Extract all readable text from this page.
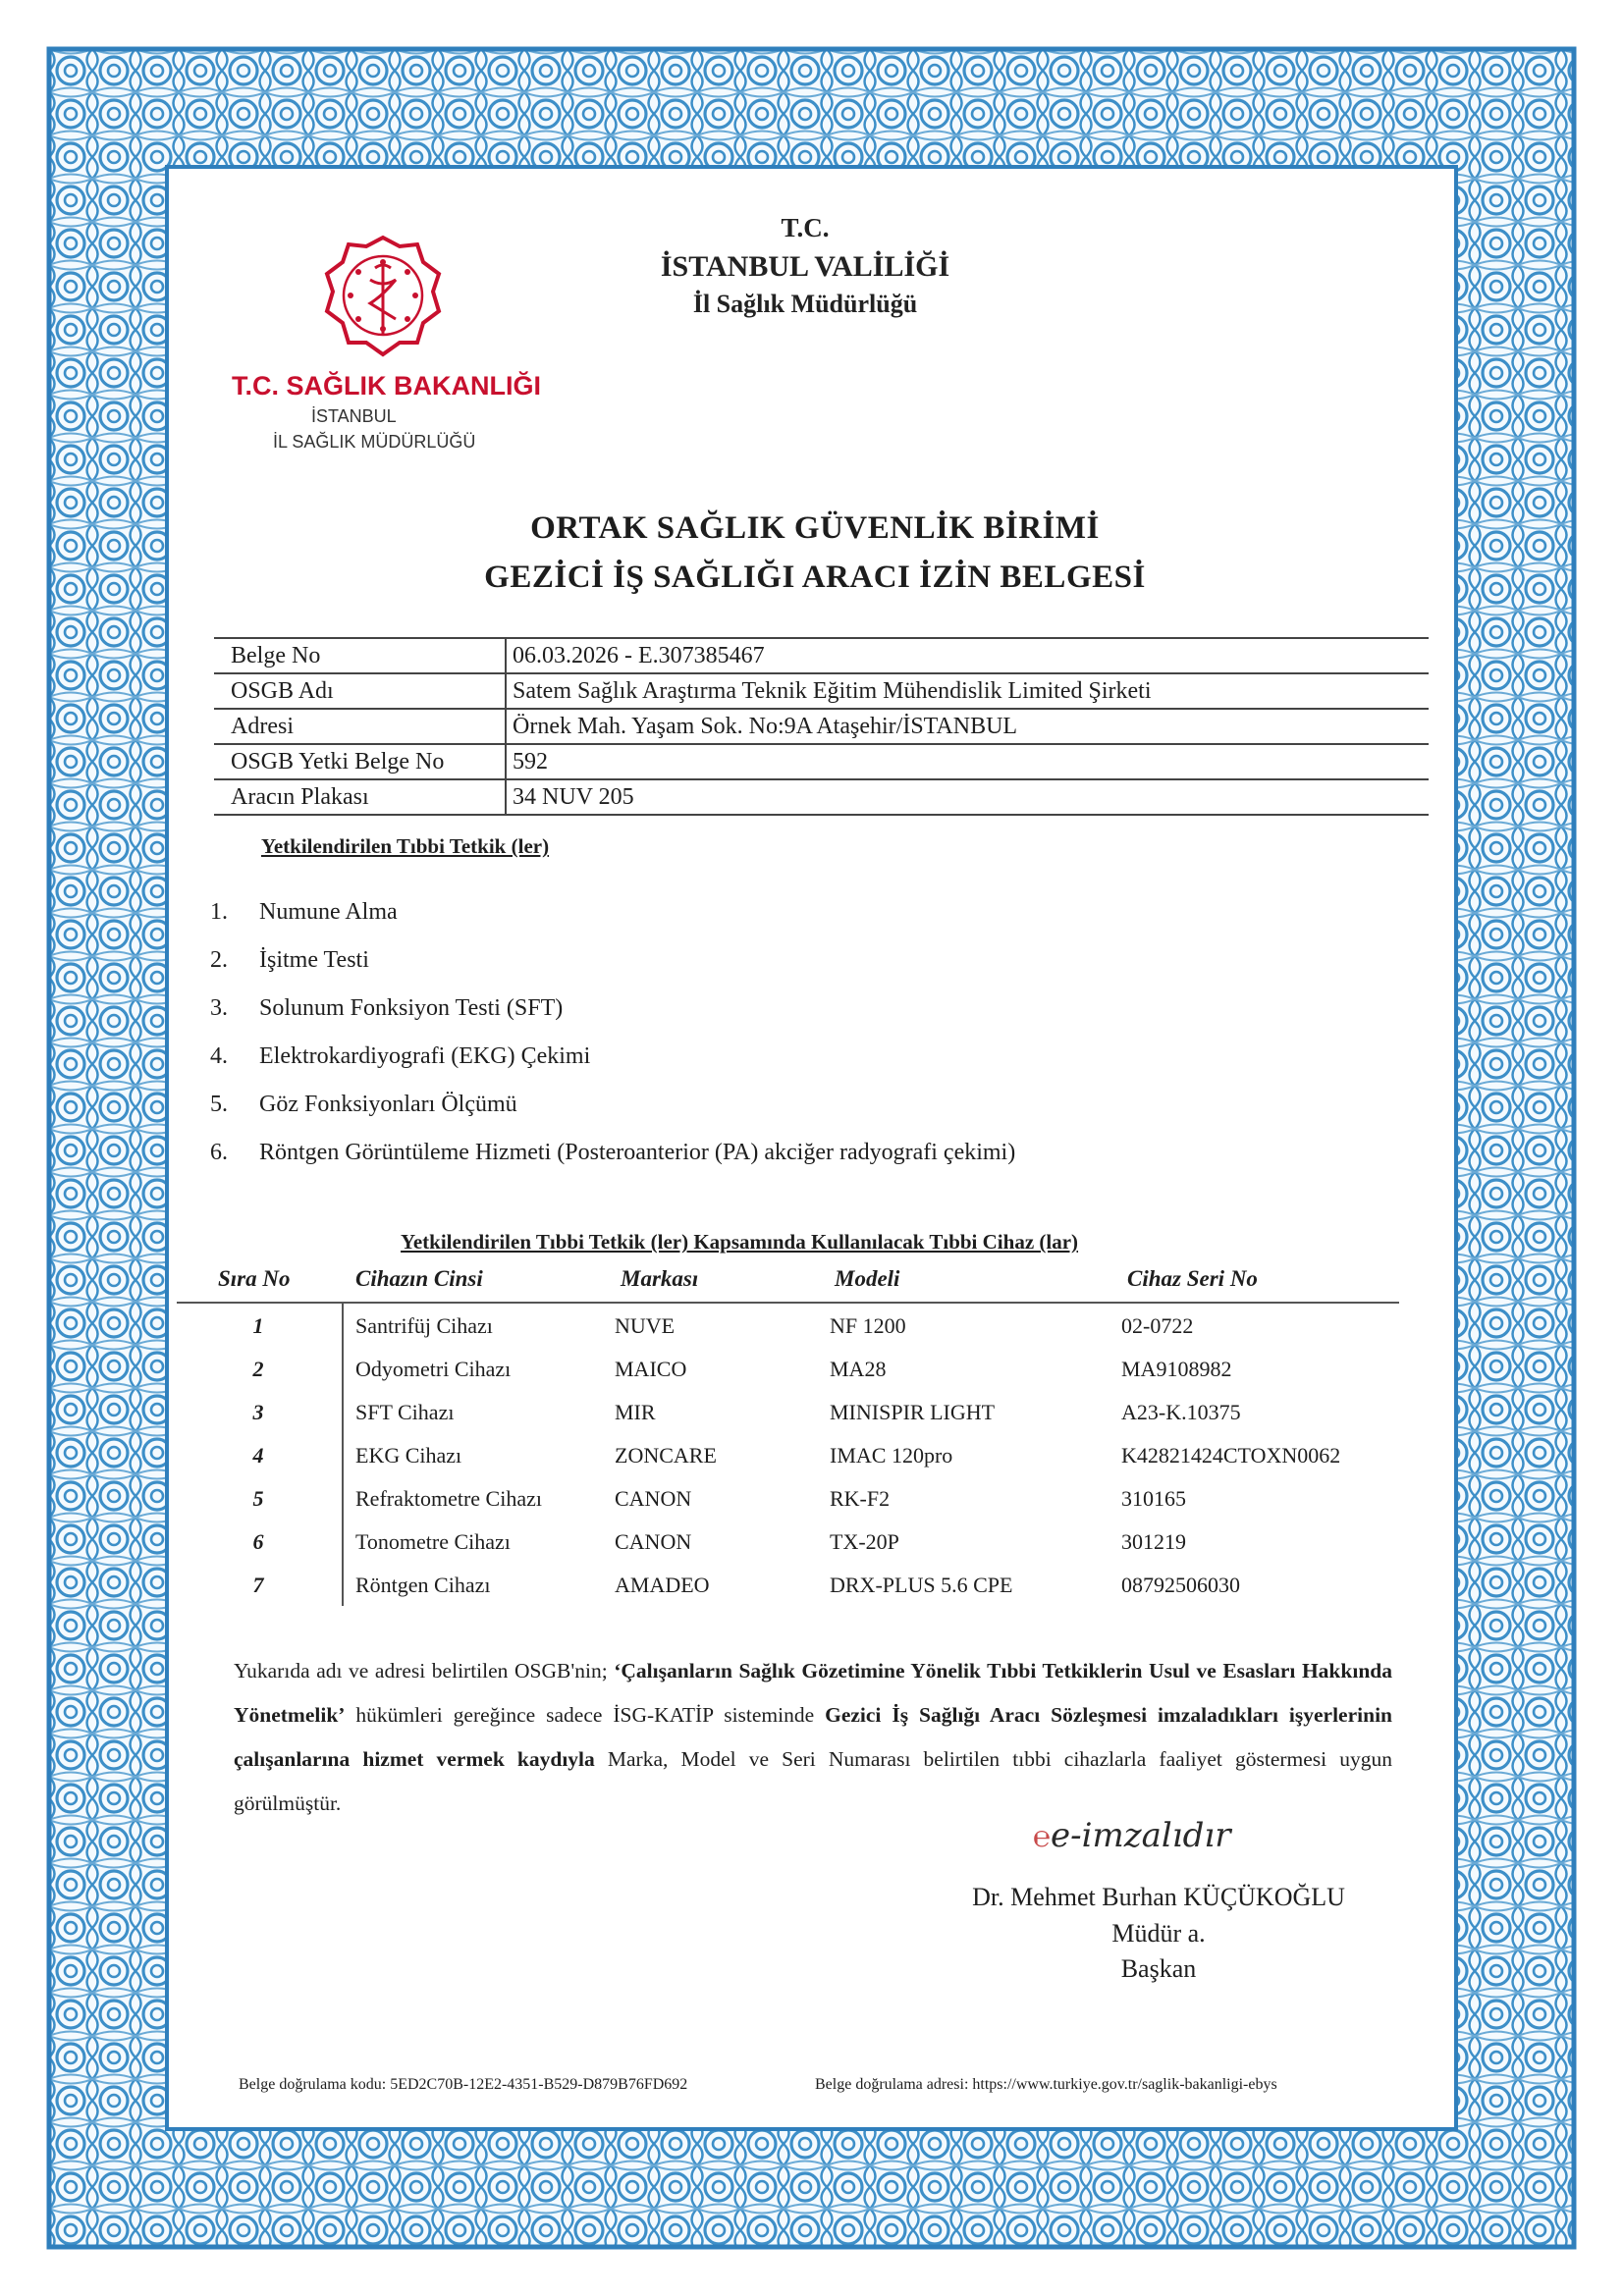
T.C. SAĞLIK BAKANLIĞI
İSTANBUL
İL SAĞLIK MÜDÜRLÜĞÜ
T.C.
İSTANBUL VALİLİĞİ
İl Sağlık Müdürlüğü
ORTAK SAĞLIK GÜVENLİK BİRİMİ
GEZİCİ İŞ SAĞLIĞI ARACI İZİN BELGESİ
Belge No	06.03.2026 - E.307385467
OSGB Adı	Satem Sağlık Araştırma Teknik Eğitim Mühendislik Limited Şirketi
Adresi	Örnek Mah. Yaşam Sok. No:9A Ataşehir/İSTANBUL
OSGB Yetki Belge No	592
Aracın Plakası	34 NUV 205
Yetkilendirilen Tıbbi Tetkik (ler)
1. Numune Alma
2. İşitme Testi
3. Solunum Fonksiyon Testi (SFT)
4. Elektrokardiyografi (EKG) Çekimi
5. Göz Fonksiyonları Ölçümü
6. Röntgen Görüntüleme Hizmeti (Posteroanterior (PA) akciğer radyografi çekimi)
Yetkilendirilen Tıbbi Tetkik (ler) Kapsamında Kullanılacak Tıbbi Cihaz (lar)
Sıra No	Cihazın Cinsi	Markası	Modeli	Cihaz Seri No
1	Santrifüj Cihazı	NUVE	NF 1200	02-0722
2	Odyometri Cihazı	MAICO	MA28	MA9108982
3	SFT Cihazı	MIR	MINISPIR LIGHT	A23-K.10375
4	EKG Cihazı	ZONCARE	IMAC 120pro	K42821424CTOXN0062
5	Refraktometre Cihazı	CANON	RK-F2	310165
6	Tonometre Cihazı	CANON	TX-20P	301219
7	Röntgen Cihazı	AMADEO	DRX-PLUS 5.6 CPE	08792506030
Yukarıda adı ve adresi belirtilen OSGB'nin; ‘Çalışanların Sağlık Gözetimine Yönelik Tıbbi Tetkiklerin Usul ve Esasları Hakkında Yönetmelik’ hükümleri gereğince sadece İSG-KATİP sisteminde Gezici İş Sağlığı Aracı Sözleşmesi imzaladıkları işyerlerinin çalışanlarına hizmet vermek kaydıyla Marka, Model ve Seri Numarası belirtilen tıbbi cihazlarla faaliyet göstermesi uygun görülmüştür.
℮e-imzalıdır
Dr. Mehmet Burhan KÜÇÜKOĞLU
Müdür a.
Başkan
Belge doğrulama kodu: 5ED2C70B-12E2-4351-B529-D879B76FD692	Belge doğrulama adresi: https://www.turkiye.gov.tr/saglik-bakanligi-ebys
